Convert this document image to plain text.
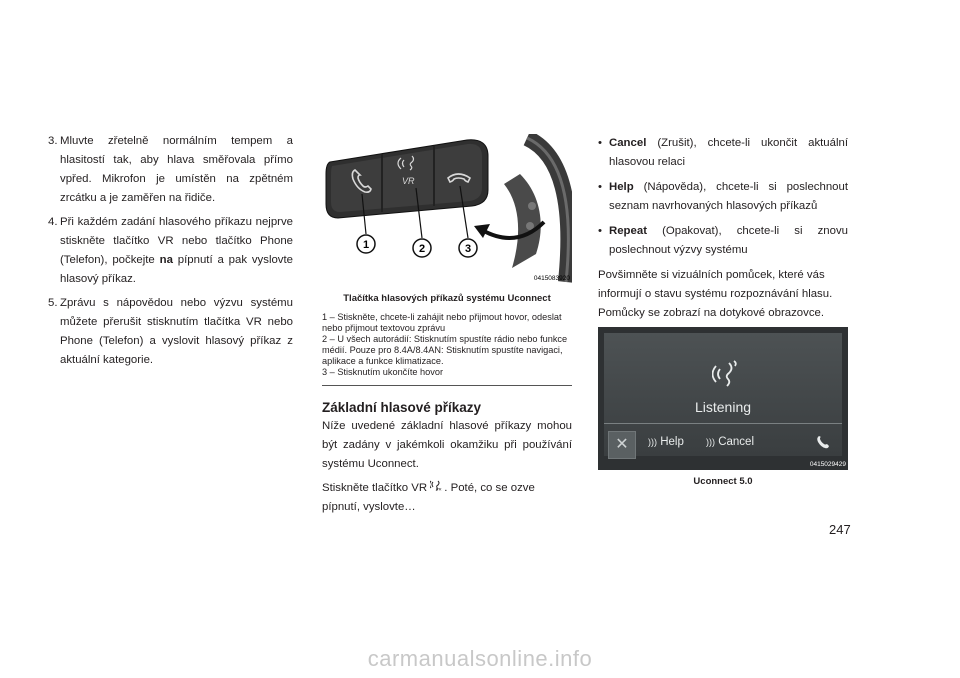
3. Mluvte zřetelně normálním tempem a hlasitostí tak, aby hlava směřovala přímo vpřed. Mikrofon je umístěn na zpětném zrcátku a je zaměřen na řidiče.
4. Při každém zadání hlasového příkazu nejprve stiskněte tlačítko VR nebo tlačítko Phone (Telefon), počkejte na pípnutí a pak vyslovte hlasový příkaz.
5. Zprávu s nápovědou nebo výzvu systému můžete přerušit stisknutím tlačítka VR nebo Phone (Telefon) a vyslovit hlasový příkaz z aktuální kategorie.
VR
1	2	3
0415083920
Tlačítka hlasových příkazů systému Uconnect
1 – Stiskněte, chcete-li zahájit nebo přijmout hovor, odeslat nebo přijmout textovou zprávu
2 – U všech autorádií: Stisknutím spustíte rádio nebo funkce médií. Pouze pro 8.4A/8.4AN: Stisknutím spustíte navigaci, aplikace a funkce klimatizace.
3 – Stisknutím ukončíte hovor
Základní hlasové příkazy

Níže uvedené základní hlasové příkazy mohou být zadány v jakémkoli okamžiku při používání systému Uconnect.

Stiskněte tlačítko VR VR . Poté, co se ozve pípnutí, vyslovte…

• Cancel (Zrušit), chcete-li ukončit aktuální hlasovou relaci
• Help (Nápověda), chcete-li si poslechnout seznam navrhovaných hlasových příkazů
• Repeat (Opakovat), chcete-li si znovu poslechnout výzvy systému

Povšimněte si vizuálních pomůcek, které vás informují o stavu systému rozpoznávání hlasu. Pomůcky se zobrazí na dotykové obrazovce.

Listening
✕	))) Help ))) Cancel
0415029429
Uconnect 5.0
247
carmanualsonline.info
